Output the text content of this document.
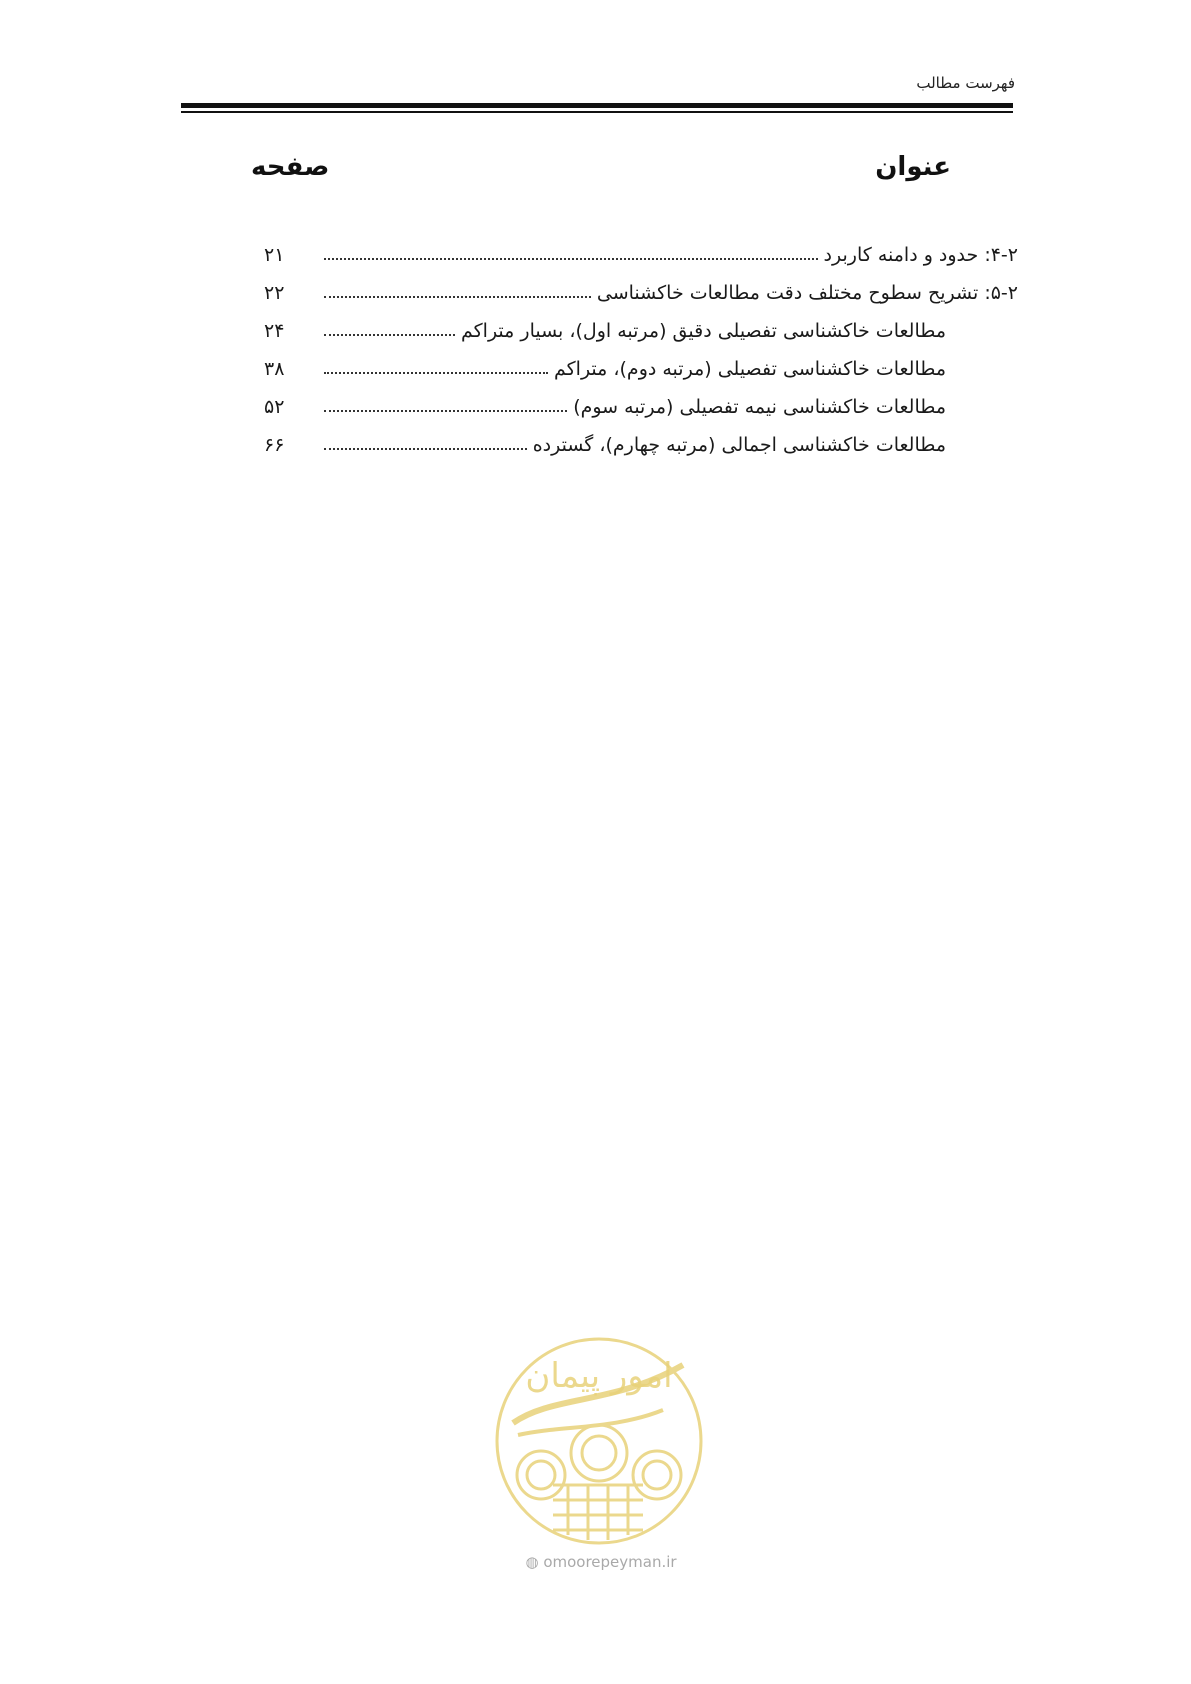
فهرست مطالب
عنوان
صفحه
۴-۲: حدود و دامنه کاربرد
۲۱
۵-۲: تشریح سطوح مختلف دقت مطالعات خاکشناسی
۲۲
مطالعات خاکشناسی تفصیلی دقیق (مرتبه اول)، بسیار متراکم
۲۴
مطالعات خاکشناسی تفصیلی (مرتبه دوم)، متراکم
۳۸
مطالعات خاکشناسی نیمه تفصیلی (مرتبه سوم)
۵۲
مطالعات خاکشناسی اجمالی (مرتبه چهارم)، گسترده
۶۶
امور پیمان
◍ omoorepeyman.ir
